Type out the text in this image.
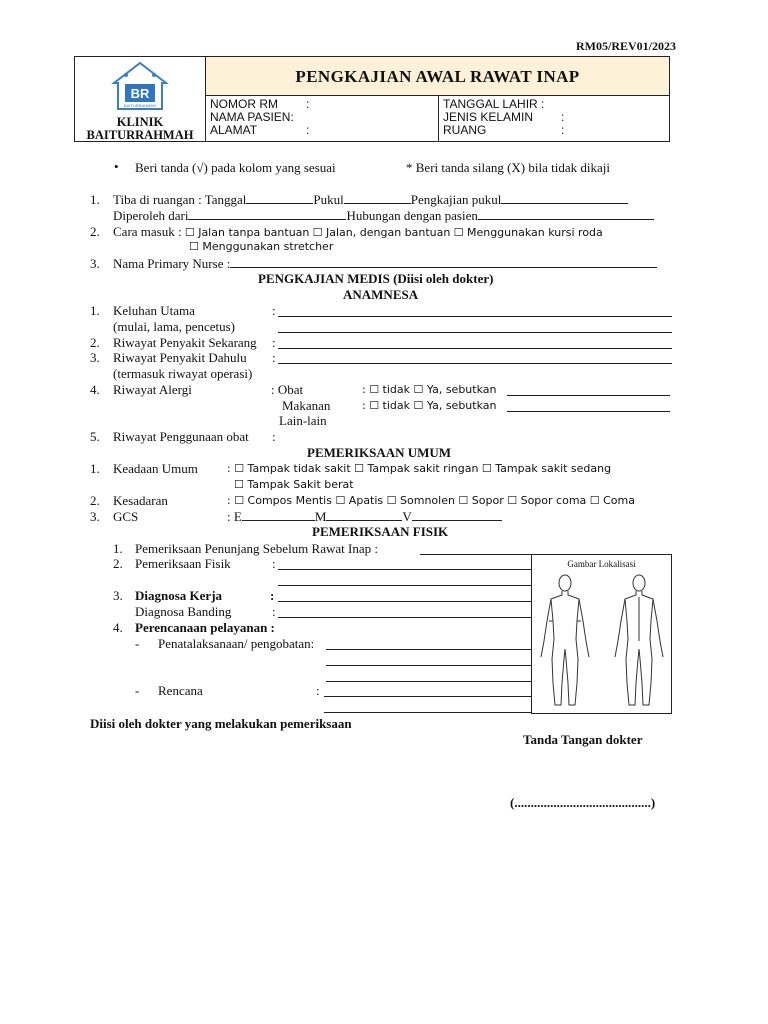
RM05/REV01/2023
BR
BAITURRAHMAH
KLINIK
BAITURRAHMAH
PENGKAJIAN AWAL RAWAT INAP
NOMOR RM :
NAMA PASIEN:
ALAMAT	:
TANGGAL LAHIR :
JENIS KELAMIN :
RUANG	:
• Beri tanda (√) pada kolom yang sesuai	* Beri tanda silang (X) bila tidak dikaji
1. Tiba di ruangan : Tanggal	Pukul	Pengkajian pukul
Diperoleh dari	Hubungan dengan pasien
2. Cara masuk : ☐ Jalan tanpa bantuan ☐ Jalan, dengan bantuan ☐ Menggunakan kursi roda
☐ Menggunakan stretcher
3. Nama Primary Nurse :
PENGKAJIAN MEDIS (Diisi oleh dokter)
ANAMNESA
1. Keluhan Utama	:
(mulai, lama, pencetus)
2. Riwayat Penyakit Sekarang :
3. Riwayat Penyakit Dahulu :
(termasuk riwayat operasi)
4. Riwayat Alergi	: Obat	: ☐ tidak ☐ Ya, sebutkan
Makanan	: ☐ tidak ☐ Ya, sebutkan
Lain-lain
5. Riwayat Penggunaan obat :
PEMERIKSAAN UMUM
1. Keadaan Umum	: ☐ Tampak tidak sakit ☐ Tampak sakit ringan ☐ Tampak sakit sedang
☐ Tampak Sakit berat
2. Kesadaran	: ☐ Compos Mentis ☐ Apatis ☐ Somnolen ☐ Sopor ☐ Sopor coma ☐ Coma
3. GCS	: E	M	V
PEMERIKSAAN FISIK
1. Pemeriksaan Penunjang Sebelum Rawat Inap :
2. Pemeriksaan Fisik	:
3. Diagnosa Kerja	:
Diagnosa Banding	:
4. Perencanaan pelayanan :
- Penatalaksanaan/ pengobatan:
- Rencana	:
Gambar Lokalisasi
Diisi oleh dokter yang melakukan pemeriksaan
Tanda Tangan dokter
(..........................................)
